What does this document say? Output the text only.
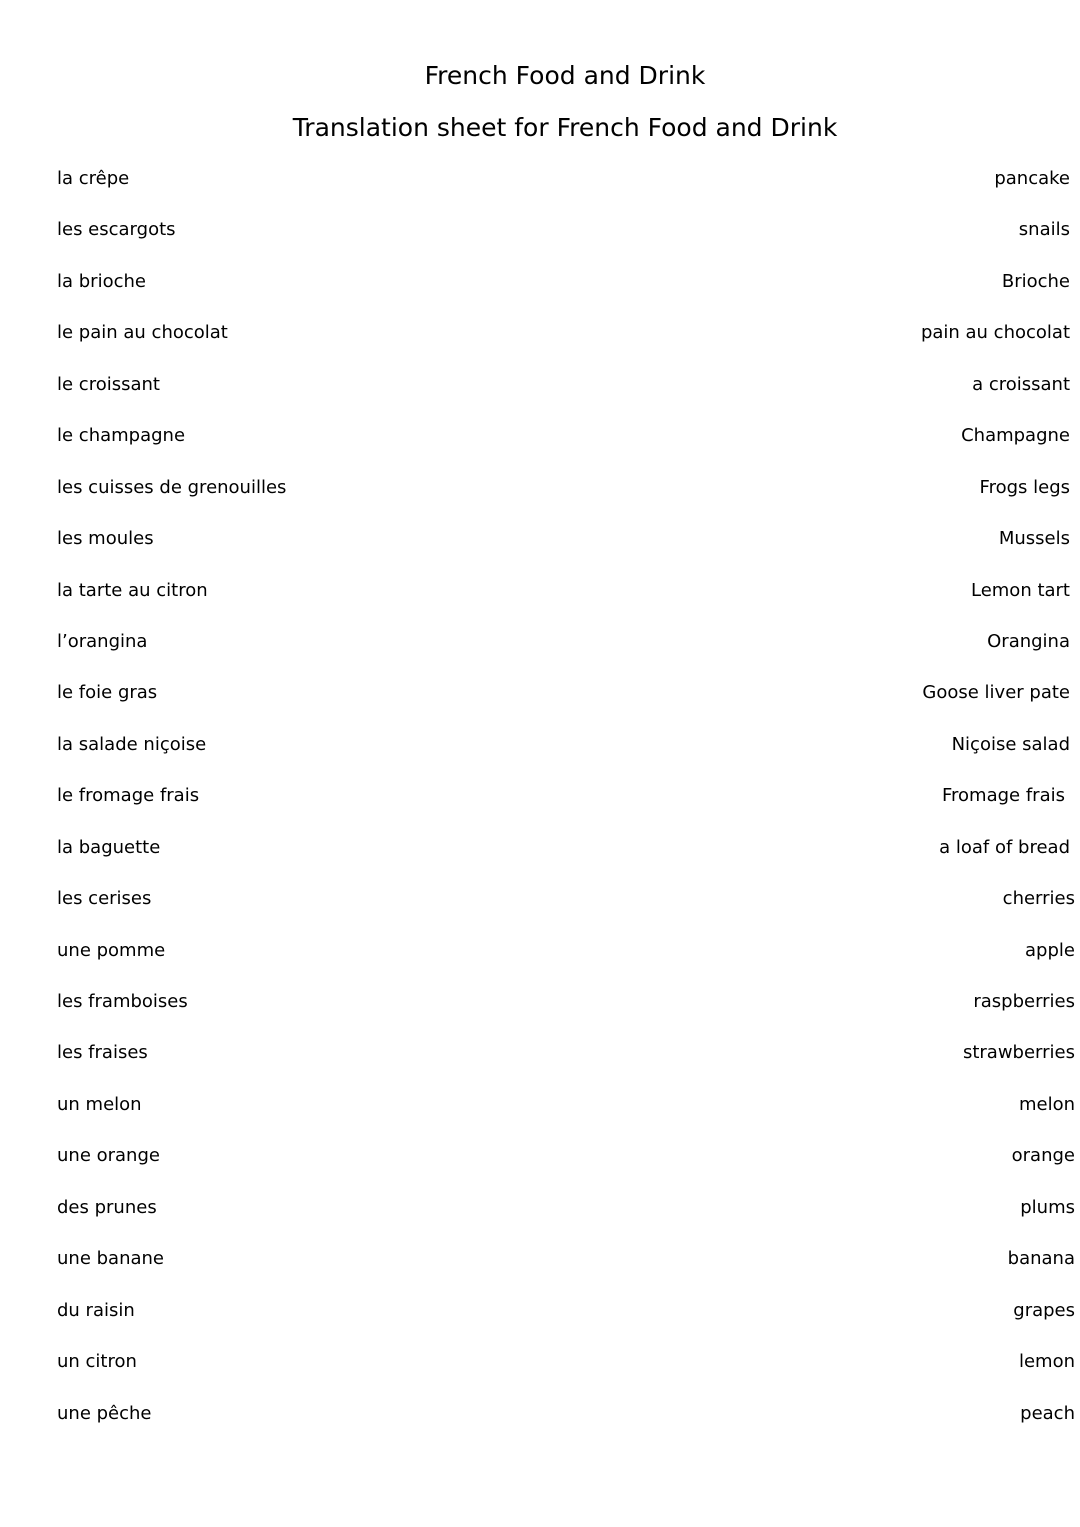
French Food and Drink
Translation sheet for French Food and Drink
la crêpe	pancake
les escargots	snails
la brioche	Brioche
le pain au chocolat	pain au chocolat
le croissant	a croissant
le champagne	Champagne
les cuisses de grenouilles	Frogs legs
les moules	Mussels
la tarte au citron	Lemon tart
l’orangina	Orangina
le foie gras	Goose liver pate
la salade niçoise	Niçoise salad
le fromage frais	Fromage frais
la baguette	a loaf of bread
les cerises	cherries
une pomme	apple
les framboises	raspberries
les fraises	strawberries
un melon	melon
une orange	orange
des prunes	plums
une banane	banana
du raisin	grapes
un citron	lemon
une pêche	peach
